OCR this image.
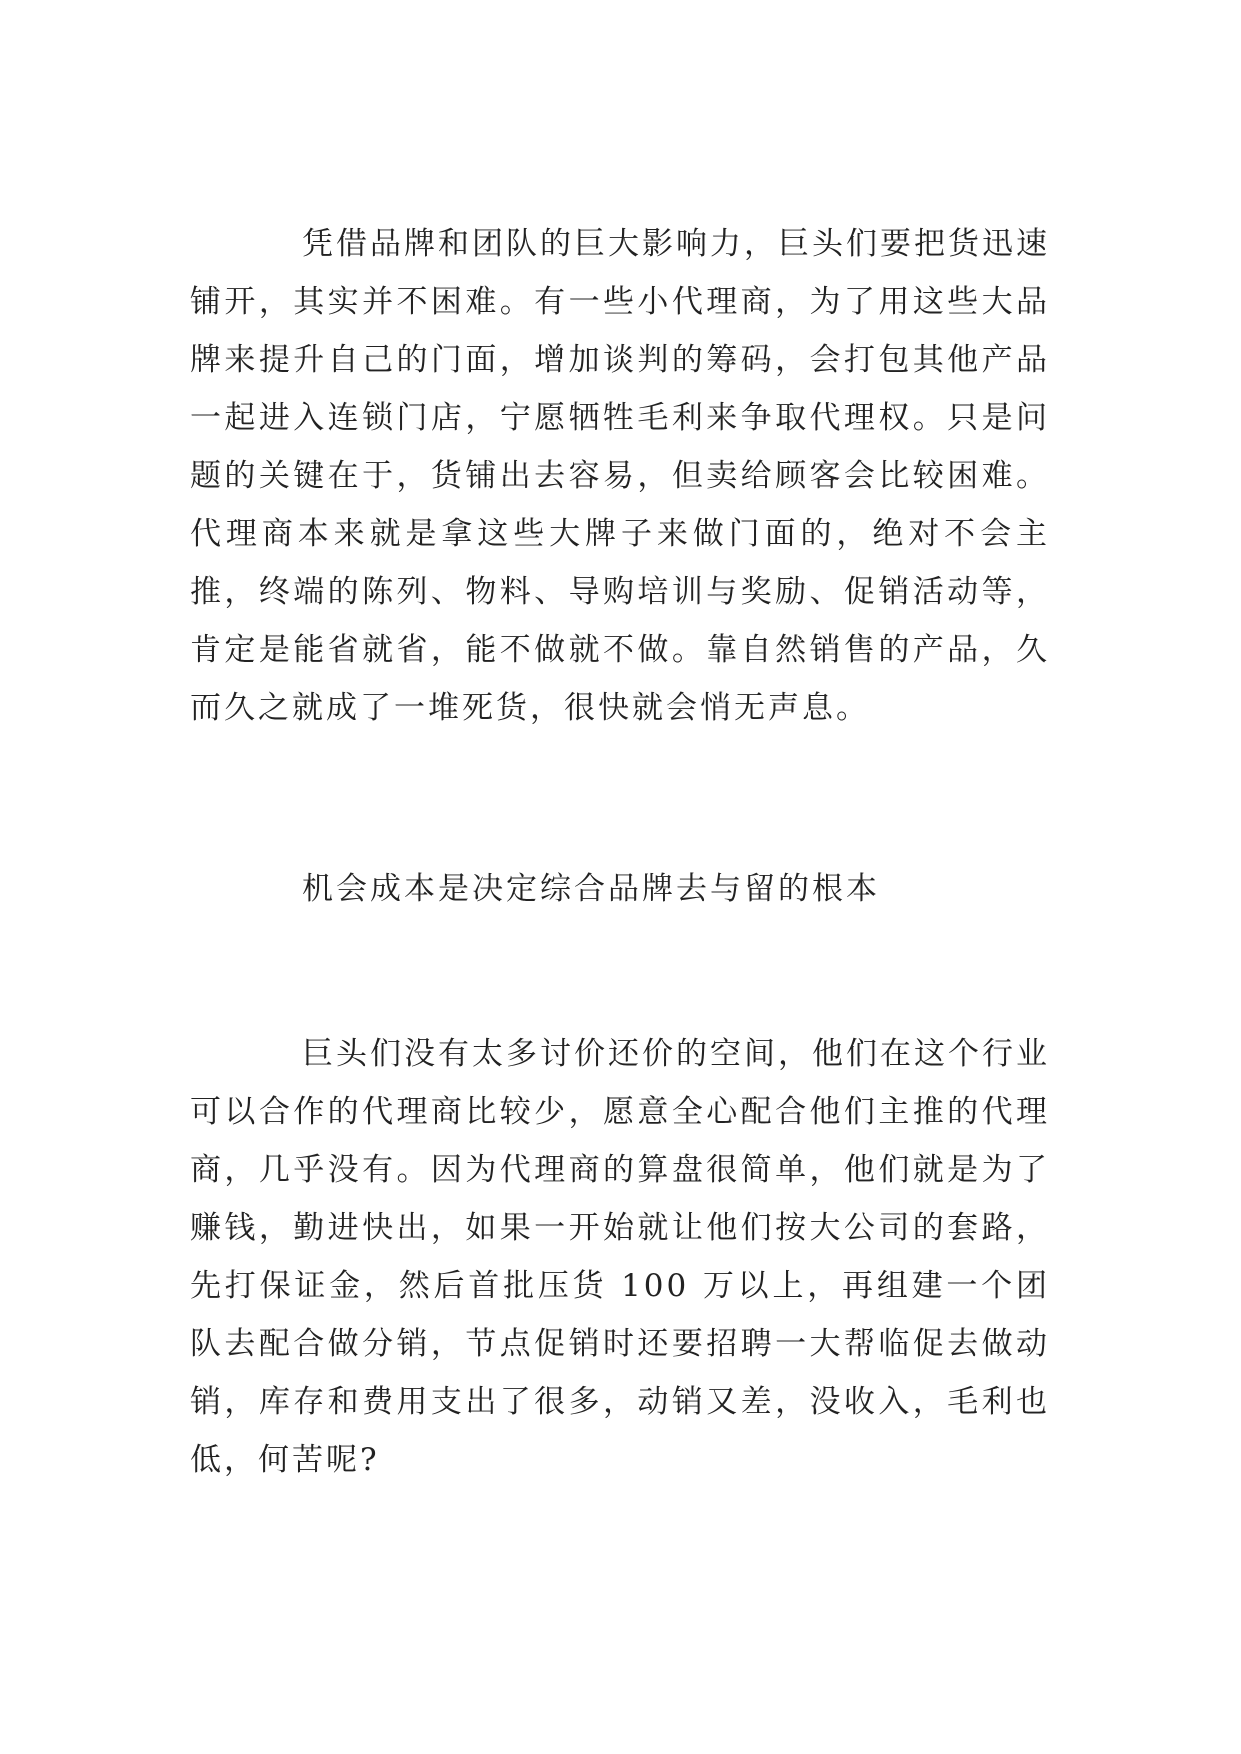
凭借品牌和团队的巨大影响力，巨头们要把货迅速铺开，其实并不困难。有一些小代理商，为了用这些大品牌来提升自己的门面，增加谈判的筹码，会打包其他产品一起进入连锁门店，宁愿牺牲毛利来争取代理权。只是问题的关键在于，货铺出去容易，但卖给顾客会比较困难。代理商本来就是拿这些大牌子来做门面的，绝对不会主推，终端的陈列、物料、导购培训与奖励、促销活动等，肯定是能省就省，能不做就不做。靠自然销售的产品，久而久之就成了一堆死货，很快就会悄无声息。

机会成本是决定综合品牌去与留的根本

巨头们没有太多讨价还价的空间，他们在这个行业可以合作的代理商比较少，愿意全心配合他们主推的代理商，几乎没有。因为代理商的算盘很简单，他们就是为了赚钱，勤进快出，如果一开始就让他们按大公司的套路，先打保证金，然后首批压货 100 万以上，再组建一个团队去配合做分销，节点促销时还要招聘一大帮临促去做动销，库存和费用支出了很多，动销又差，没收入，毛利也低，何苦呢?
